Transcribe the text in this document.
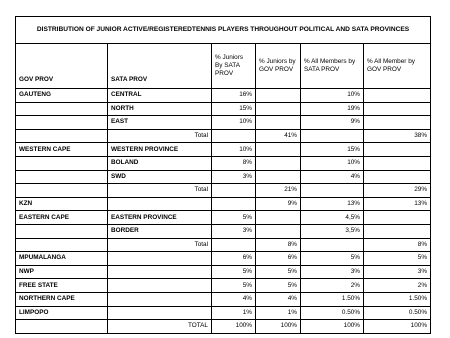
DISTRIBUTION OF JUNIOR ACTIVE/REGISTEREDTENNIS PLAYERS THROUGHOUT POLITICAL AND SATA PROVINCES					
GOV PROV	SATA PROV	% Juniors By SATA PROV	% Juniors by GOV PROV	% All Members by SATA PROV	% All Member by GOV PROV
GAUTENG	CENTRAL	16%		10%	
	NORTH	15%		19%	
	EAST	10%		9%	
	Total		41%		38%
WESTERN CAPE	WESTERN PROVINCE	10%		15%	
	BOLAND	8%		10%	
	SWD	3%		4%	
	Total		21%		29%
KZN			9%	13%	13%
EASTERN CAPE	EASTERN PROVINCE	5%		4,5%	
	BORDER	3%		3,5%	
	Total		8%		8%
MPUMALANGA		6%	6%	5%	5%
NWP		5%	5%	3%	3%
FREE STATE		5%	5%	2%	2%
NORTHERN CAPE		4%	4%	1.50%	1.50%
LIMPOPO		1%	1%	0.50%	0.50%
	TOTAL	100%	100%	100%	100%
